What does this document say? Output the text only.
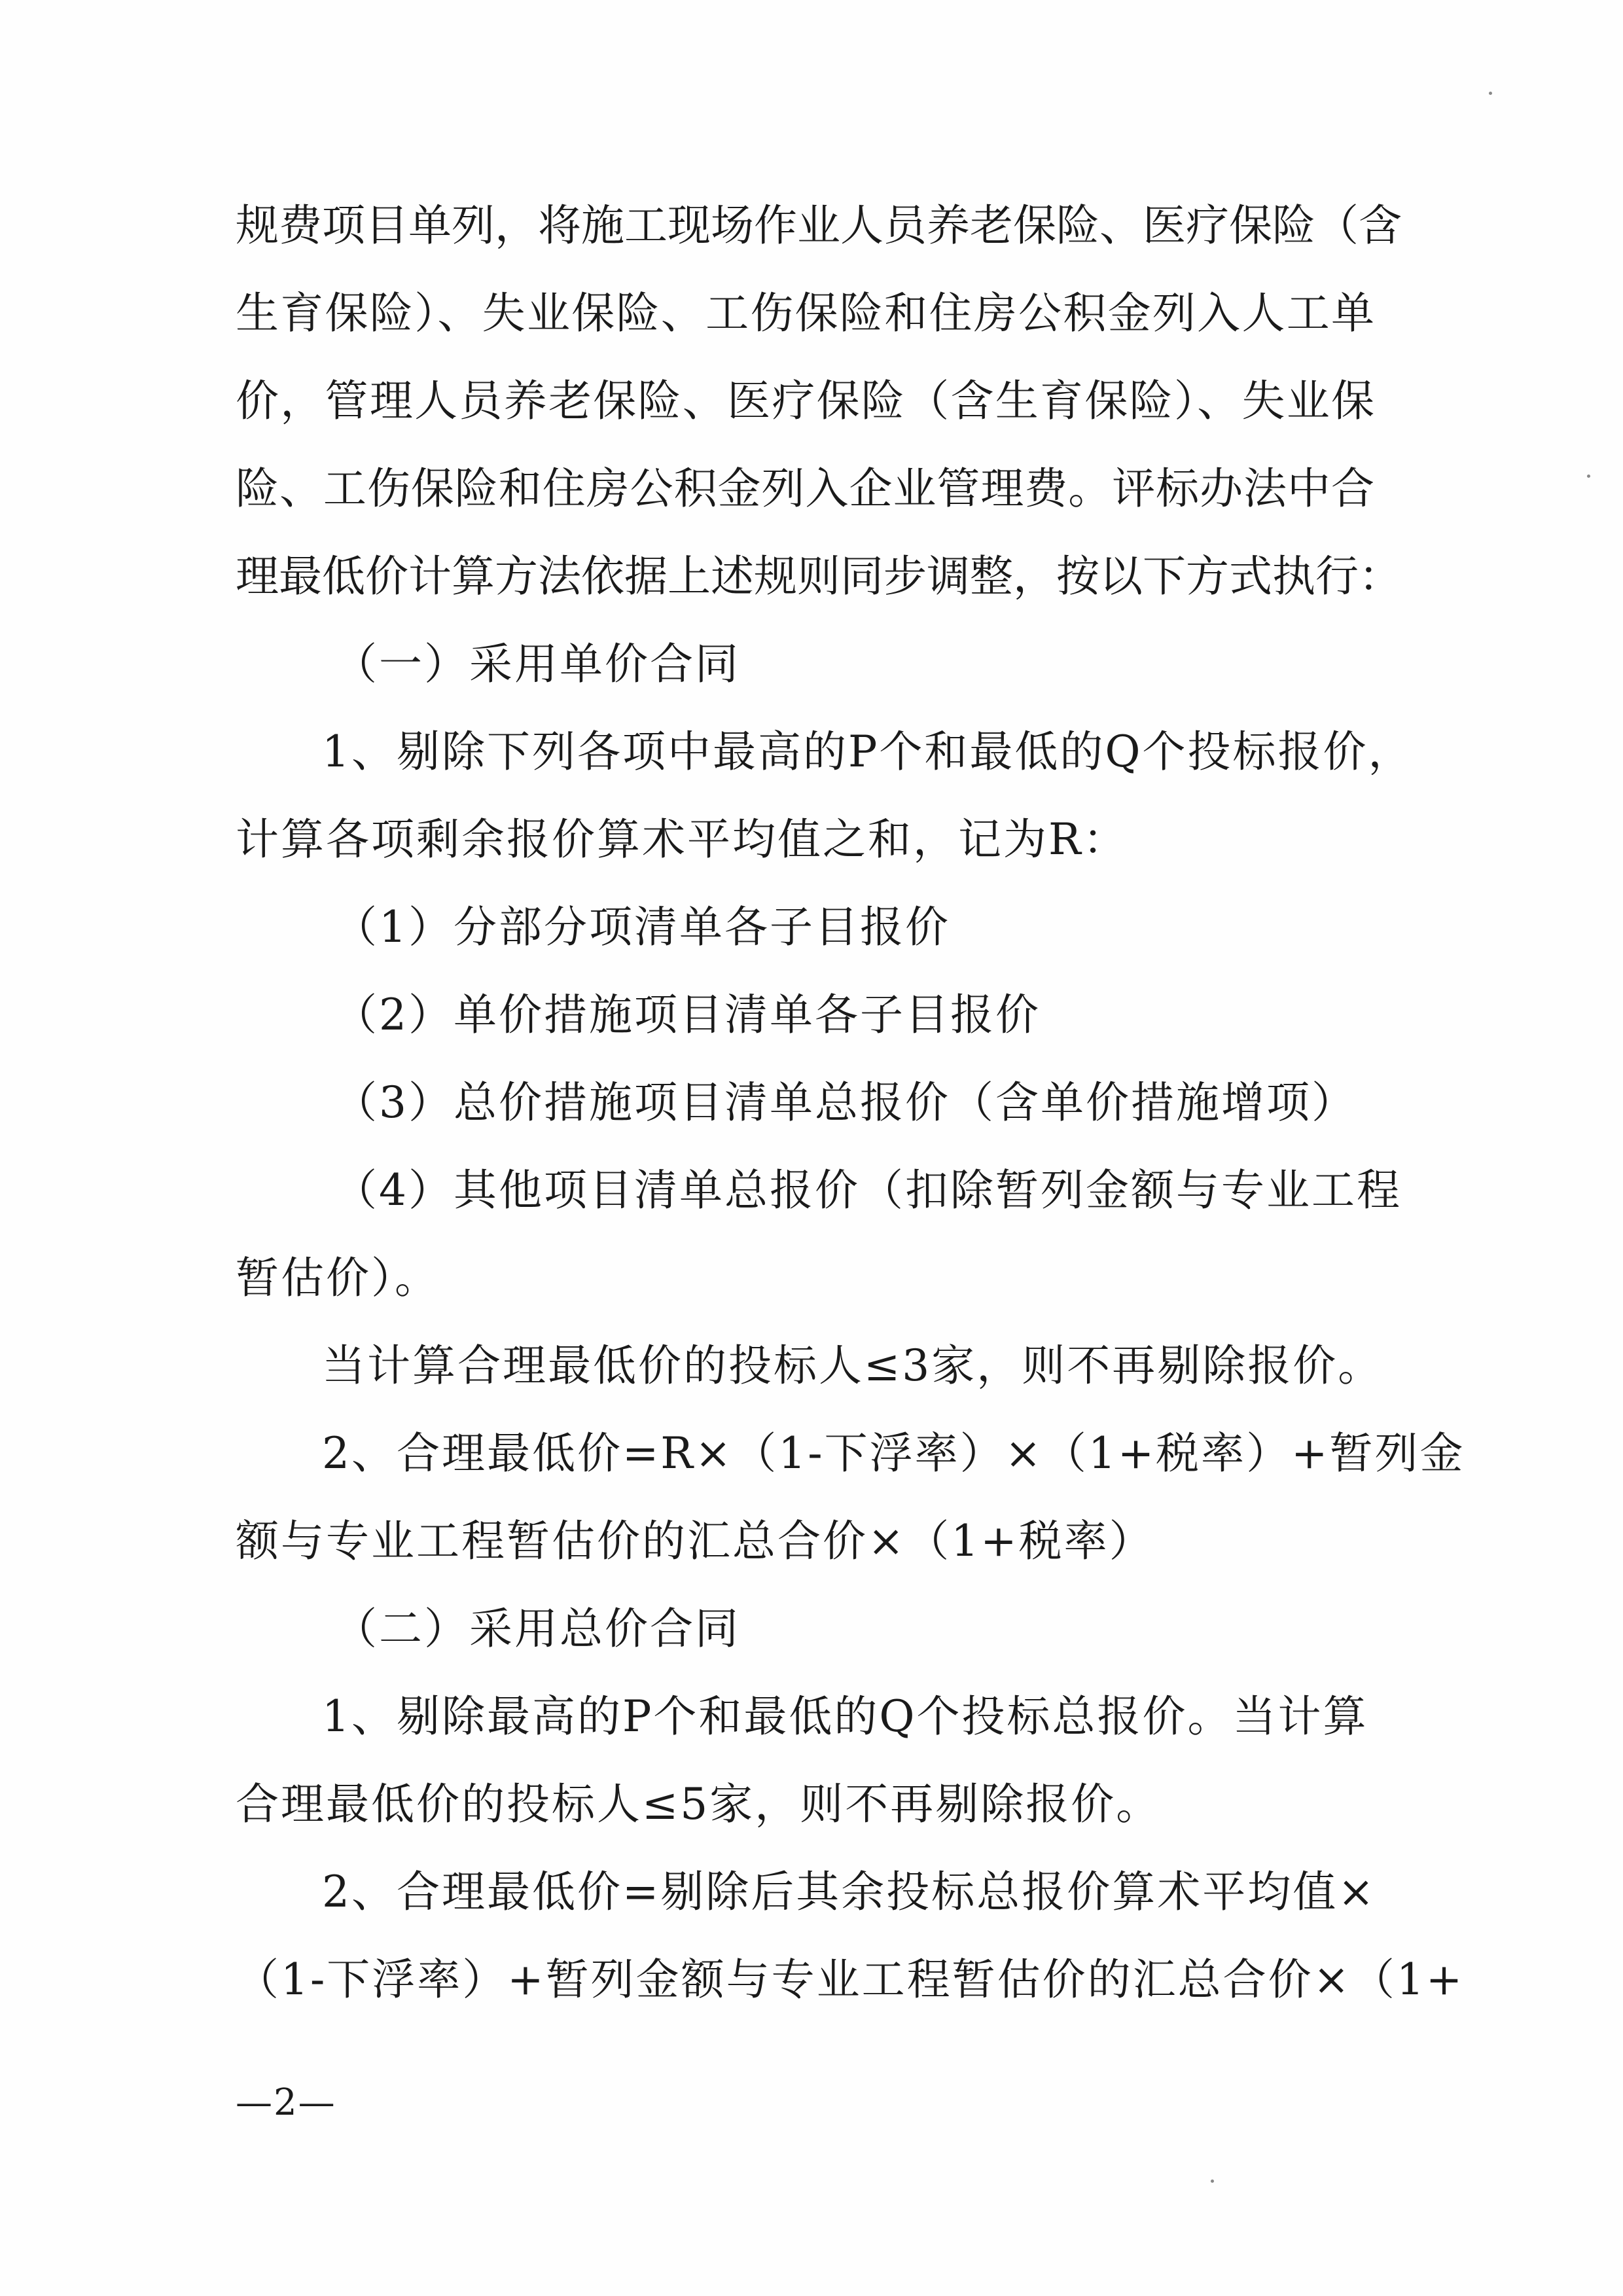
规费项目单列，将施工现场作业人员养老保险、医疗保险（含
生育保险）、失业保险、工伤保险和住房公积金列入人工单
价，管理人员养老保险、医疗保险（含生育保险）、失业保
险、工伤保险和住房公积金列入企业管理费。评标办法中合
理最低价计算方法依据上述规则同步调整，按以下方式执行：
（一）采用单价合同
1、剔除下列各项中最高的P个和最低的Q个投标报价，
计算各项剩余报价算术平均值之和，记为R：
（1）分部分项清单各子目报价
（2）单价措施项目清单各子目报价
（3）总价措施项目清单总报价（含单价措施增项）
（4）其他项目清单总报价（扣除暂列金额与专业工程
暂估价）。
当计算合理最低价的投标人≤3家，则不再剔除报价。
2、合理最低价=R×（1-下浮率）×（1+税率）+暂列金
额与专业工程暂估价的汇总合价×（1+税率）
（二）采用总价合同
1、剔除最高的P个和最低的Q个投标总报价。当计算
合理最低价的投标人≤5家，则不再剔除报价。
2、合理最低价=剔除后其余投标总报价算术平均值×
（1-下浮率）+暂列金额与专业工程暂估价的汇总合价×（1+
—2—
